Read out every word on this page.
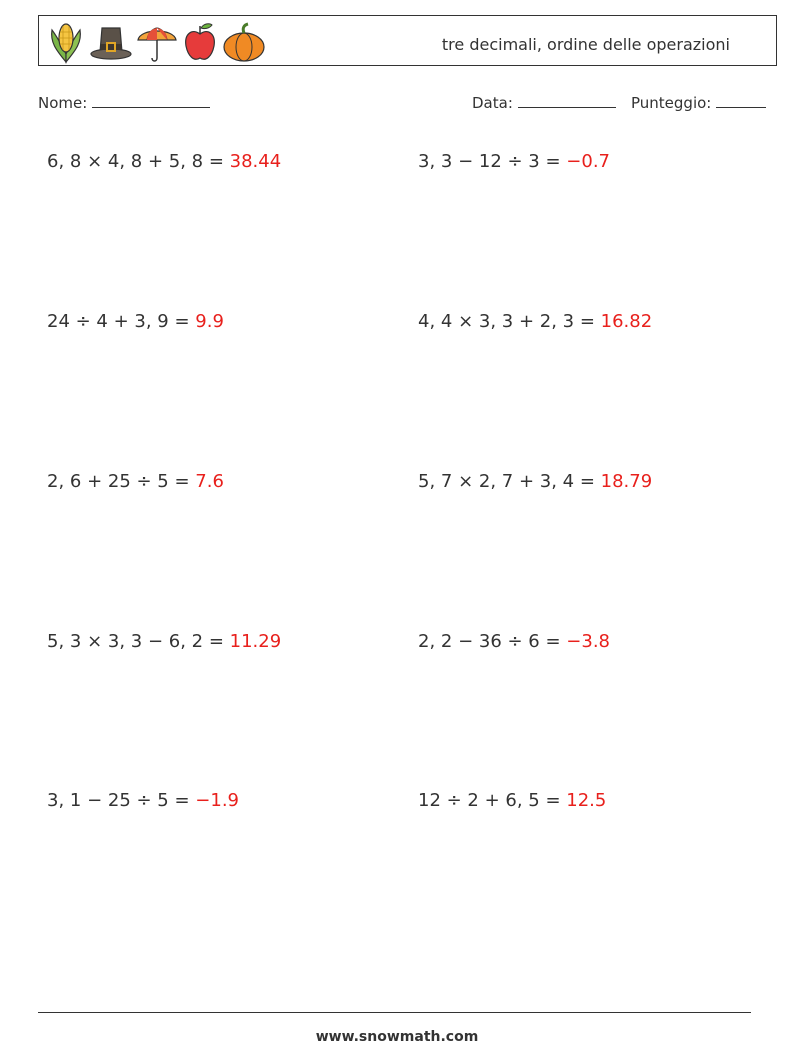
tre decimali, ordine delle operazioni
Nome:	Data:	Punteggio:
6, 8 × 4, 8 + 5, 8 = 38.44	3, 3 − 12 ÷ 3 = −0.7
24 ÷ 4 + 3, 9 = 9.9	4, 4 × 3, 3 + 2, 3 = 16.82
2, 6 + 25 ÷ 5 = 7.6	5, 7 × 2, 7 + 3, 4 = 18.79
5, 3 × 3, 3 − 6, 2 = 11.29	2, 2 − 36 ÷ 6 = −3.8
3, 1 − 25 ÷ 5 = −1.9	12 ÷ 2 + 6, 5 = 12.5
www.snowmath.com
